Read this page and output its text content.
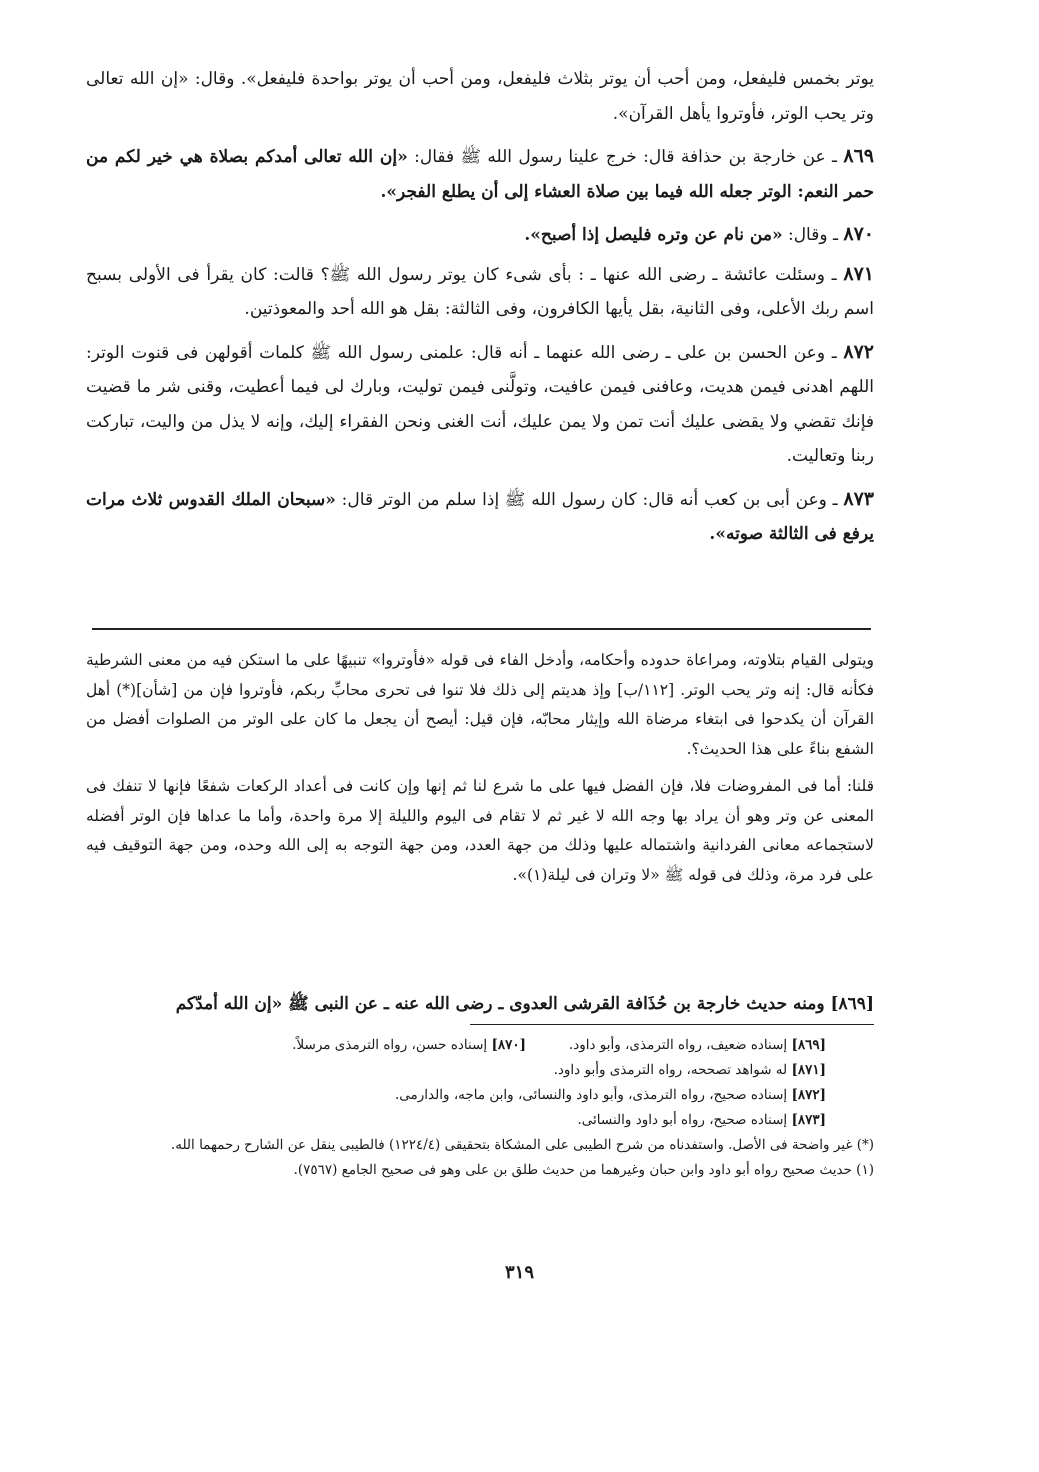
يوتر بخمس فليفعل، ومن أحب أن يوتر بثلاث فليفعل، ومن أحب أن يوتر بواحدة فليفعل». وقال: «إن الله تعالى وتر يحب الوتر، فأوتروا يأهل القرآن».

٨٦٩ ـ عن خارجة بن حذافة قال: خرج علينا رسول الله ﷺ فقال: «إن الله تعالى أمدكم بصلاة هي خير لكم من حمر النعم: الوتر جعله الله فيما بين صلاة العشاء إلى أن يطلع الفجر».

٨٧٠ ـ وقال: «من نام عن وتره فليصل إذا أصبح».

٨٧١ ـ وسئلت عائشة ـ رضى الله عنها ـ : بأى شىء كان يوتر رسول الله ﷺ؟ قالت: كان يقرأ فى الأولى بسبح اسم ربك الأعلى، وفى الثانية، بقل يأيها الكافرون، وفى الثالثة: بقل هو الله أحد والمعوذتين.

٨٧٢ ـ وعن الحسن بن على ـ رضى الله عنهما ـ أنه قال: علمنى رسول الله ﷺ كلمات أقولهن فى قنوت الوتر: اللهم اهدنى فيمن هديت، وعافنى فيمن عافيت، وتولَّنى فيمن توليت، وبارك لى فيما أعطيت، وقنى شر ما قضيت فإنك تقضي ولا يقضى عليك أنت تمن ولا يمن عليك، أنت الغنى ونحن الفقراء إليك، وإنه لا يذل من واليت، تباركت ربنا وتعاليت.

٨٧٣ ـ وعن أبى بن كعب أنه قال: كان رسول الله ﷺ إذا سلم من الوتر قال: «سبحان الملك القدوس ثلاث مرات يرفع فى الثالثة صوته».

ويتولى القيام بتلاوته، ومراعاة حدوده وأحكامه، وأدخل الفاء فى قوله «فأوتروا» تنبيهًا على ما استكن فيه من معنى الشرطية فكأنه قال: إنه وتر يحب الوتر. [١١٢/ب] وإذ هديتم إلى ذلك فلا تنوا فى تحرى محابِّ ربكم، فأوتروا فإن من [شأن](*) أهل القرآن أن يكدحوا فى ابتغاء مرضاة الله وإيثار محابّه، فإن قيل: أيصح أن يجعل ما كان على الوتر من الصلوات أفضل من الشفع بناءً على هذا الحديث؟.

قلنا: أما فى المفروضات فلا، فإن الفضل فيها على ما شرع لنا ثم إنها وإن كانت فى أعداد الركعات شفعًا فإنها لا تنفك فى المعنى عن وتر وهو أن يراد بها وجه الله لا غير ثم لا تقام فى اليوم والليلة إلا مرة واحدة، وأما ما عداها فإن الوتر أفضله لاستجماعه معانى الفردانية واشتماله عليها وذلك من جهة العدد، ومن جهة التوجه به إلى الله وحده، ومن جهة التوقيف فيه على فرد مرة، وذلك فى قوله ﷺ «لا وتران فى ليلة(١)».

[٨٦٩] ومنه حديث خارجة بن حُذَافة القرشى العدوى ـ رضى الله عنه ـ عن النبى ﷺ «إن الله أمدّكم

[٨٦٩] إسناده ضعيف، رواه الترمذى، وأبو داود.

[٨٧٠] إسناده حسن، رواه الترمذى مرسلاً.

[٨٧١] له شواهد تصححه، رواه الترمذى وأبو داود.

[٨٧٢] إسناده صحيح، رواه الترمذى، وأبو داود والنسائى، وابن ماجه، والدارمى.

[٨٧٣] إسناده صحيح، رواه أبو داود والنسائى.

(*) غير واضحة فى الأصل. واستفدناه من شرح الطيبى على المشكاة بتحقيقى (١٢٢٤/٤) فالطيبى ينقل عن الشارح رحمهما الله.

(١) حديث صحيح رواه أبو داود وابن حبان وغيرهما من حديث طلق بن على وهو فى صحيح الجامع (٧٥٦٧).

٣١٩
